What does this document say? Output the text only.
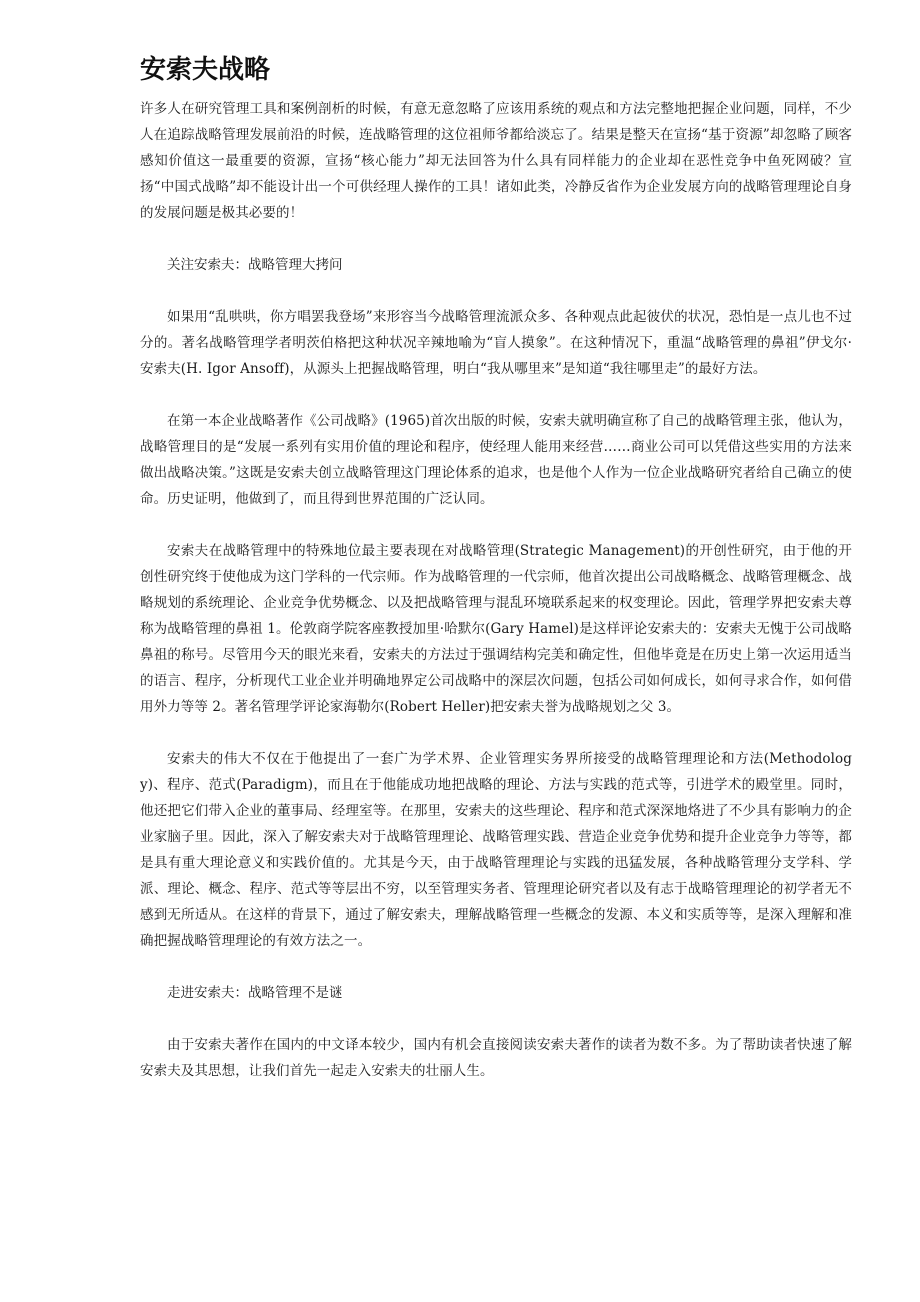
安索夫战略

许多人在研究管理工具和案例剖析的时候，有意无意忽略了应该用系统的观点和方法完整地把握企业问题，同样，不少人在追踪战略管理发展前沿的时候，连战略管理的这位祖师爷都给淡忘了。结果是整天在宣扬“基于资源”却忽略了顾客感知价值这一最重要的资源，宣扬“核心能力”却无法回答为什么具有同样能力的企业却在恶性竞争中鱼死网破？宣扬“中国式战略”却不能设计出一个可供经理人操作的工具！诸如此类，冷静反省作为企业发展方向的战略管理理论自身的发展问题是极其必要的！

关注安索夫：战略管理大拷问

如果用“乱哄哄，你方唱罢我登场”来形容当今战略管理流派众多、各种观点此起彼伏的状况，恐怕是一点儿也不过分的。著名战略管理学者明茨伯格把这种状况辛辣地喻为“盲人摸象”。在这种情况下，重温“战略管理的鼻祖”伊戈尔·安索夫(H. Igor Ansoff)，从源头上把握战略管理，明白“我从哪里来”是知道“我往哪里走”的最好方法。

在第一本企业战略著作《公司战略》(1965)首次出版的时候，安索夫就明确宣称了自己的战略管理主张，他认为，战略管理目的是“发展一系列有实用价值的理论和程序，使经理人能用来经营……商业公司可以凭借这些实用的方法来做出战略决策。”这既是安索夫创立战略管理这门理论体系的追求，也是他个人作为一位企业战略研究者给自己确立的使命。历史证明，他做到了，而且得到世界范围的广泛认同。

安索夫在战略管理中的特殊地位最主要表现在对战略管理(Strategic Management)的开创性研究，由于他的开创性研究终于使他成为这门学科的一代宗师。作为战略管理的一代宗师，他首次提出公司战略概念、战略管理概念、战略规划的系统理论、企业竞争优势概念、以及把战略管理与混乱环境联系起来的权变理论。因此，管理学界把安索夫尊称为战略管理的鼻祖 1。伦敦商学院客座教授加里·哈默尔(Gary Hamel)是这样评论安索夫的：安索夫无愧于公司战略鼻祖的称号。尽管用今天的眼光来看，安索夫的方法过于强调结构完美和确定性，但他毕竟是在历史上第一次运用适当的语言、程序，分析现代工业企业并明确地界定公司战略中的深层次问题，包括公司如何成长，如何寻求合作，如何借用外力等等 2。著名管理学评论家海勒尔(Robert Heller)把安索夫誉为战略规划之父 3。

安索夫的伟大不仅在于他提出了一套广为学术界、企业管理实务界所接受的战略管理理论和方法(Methodology)、程序、范式(Paradigm)，而且在于他能成功地把战略的理论、方法与实践的范式等，引进学术的殿堂里。同时，他还把它们带入企业的董事局、经理室等。在那里，安索夫的这些理论、程序和范式深深地烙进了不少具有影响力的企业家脑子里。因此，深入了解安索夫对于战略管理理论、战略管理实践、营造企业竞争优势和提升企业竞争力等等，都是具有重大理论意义和实践价值的。尤其是今天，由于战略管理理论与实践的迅猛发展，各种战略管理分支学科、学派、理论、概念、程序、范式等等层出不穷，以至管理实务者、管理理论研究者以及有志于战略管理理论的初学者无不感到无所适从。在这样的背景下，通过了解安索夫，理解战略管理一些概念的发源、本义和实质等等，是深入理解和准确把握战略管理理论的有效方法之一。

走进安索夫：战略管理不是谜

由于安索夫著作在国内的中文译本较少，国内有机会直接阅读安索夫著作的读者为数不多。为了帮助读者快速了解安索夫及其思想，让我们首先一起走入安索夫的壮丽人生。
